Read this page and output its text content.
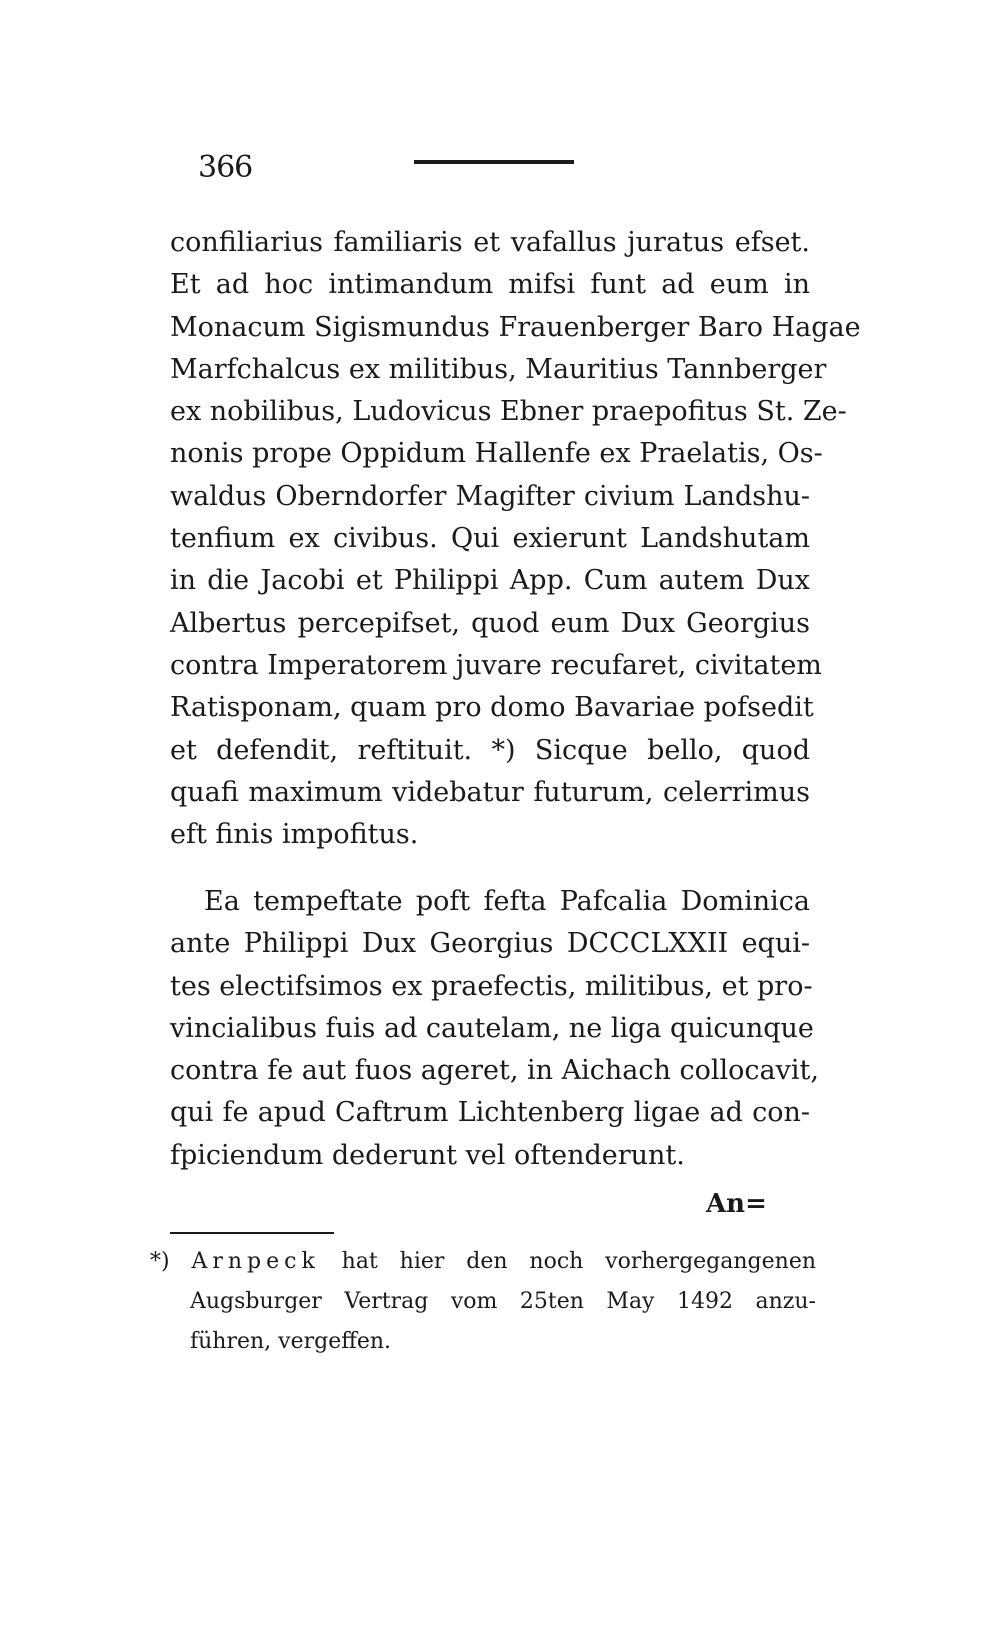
366
confiliarius familiaris et vafallus juratus efset.
Et ad hoc intimandum mifsi funt ad eum in
Monacum Sigismundus Frauenberger Baro Hagae
Marfchalcus ex militibus, Mauritius Tannberger
ex nobilibus, Ludovicus Ebner praepofitus St. Ze-
nonis prope Oppidum Hallenfe ex Praelatis, Os-
waldus Oberndorfer Magifter civium Landshu-
tenfium ex civibus. Qui exierunt Landshutam
in die Jacobi et Philippi App. Cum autem Dux
Albertus percepifset, quod eum Dux Georgius
contra Imperatorem juvare recufaret, civitatem
Ratisponam, quam pro domo Bavariae pofsedit
et defendit, reftituit. *) Sicque bello, quod
quafi maximum videbatur futurum, celerrimus
eft finis impofitus.
Ea tempeftate poft fefta Pafcalia Dominica
ante Philippi Dux Georgius DCCCLXXII equi-
tes electifsimos ex praefectis, militibus, et pro-
vincialibus fuis ad cautelam, ne liga quicunque
contra fe aut fuos ageret, in Aichach collocavit,
qui fe apud Caftrum Lichtenberg ligae ad con-
fpiciendum dederunt vel oftenderunt.
An=
*) Arnpeck hat hier den noch vorhergegangenen
Augsburger Vertrag vom 25ten May 1492 anzu-
führen, vergeffen.
